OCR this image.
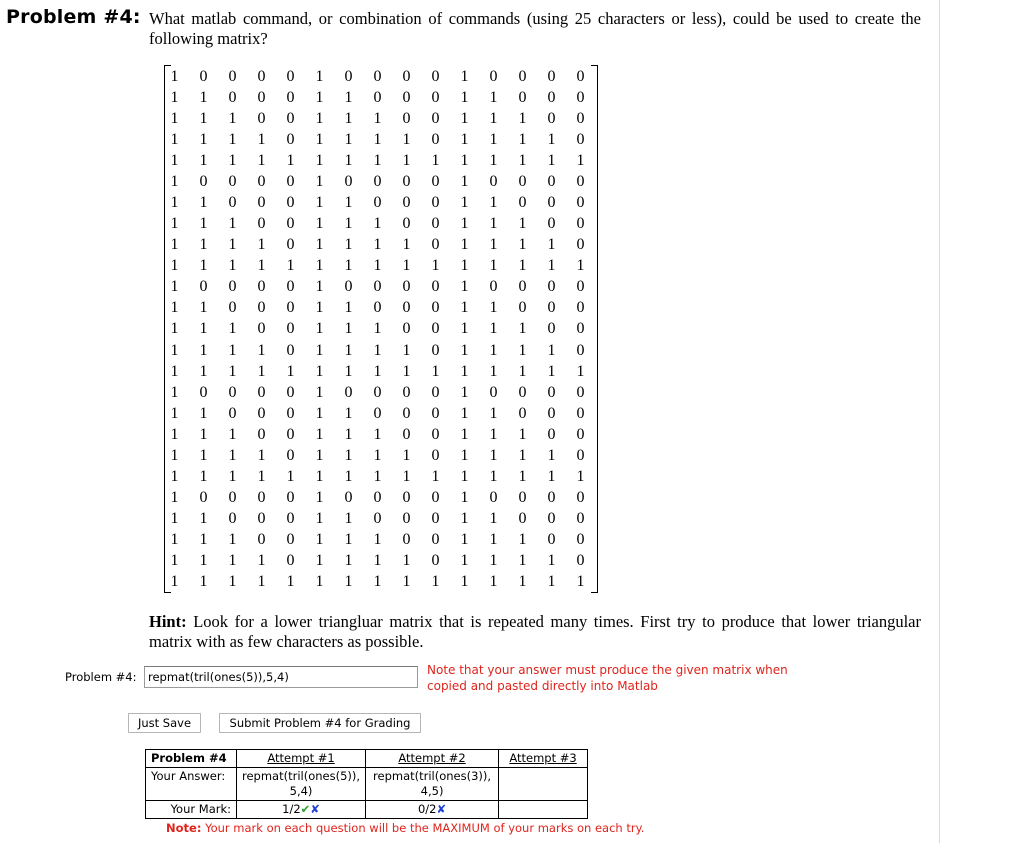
Problem #4: What matlab command, or combination of commands (using 25 characters or less), could be used to create the following matrix?
1	0	0	0	0	1	0	0	0	0	1	0	0	0	0
1	1	0	0	0	1	1	0	0	0	1	1	0	0	0
1	1	1	0	0	1	1	1	0	0	1	1	1	0	0
1	1	1	1	0	1	1	1	1	0	1	1	1	1	0
1	1	1	1	1	1	1	1	1	1	1	1	1	1	1
1	0	0	0	0	1	0	0	0	0	1	0	0	0	0
1	1	0	0	0	1	1	0	0	0	1	1	0	0	0
1	1	1	0	0	1	1	1	0	0	1	1	1	0	0
1	1	1	1	0	1	1	1	1	0	1	1	1	1	0
1	1	1	1	1	1	1	1	1	1	1	1	1	1	1
1	0	0	0	0	1	0	0	0	0	1	0	0	0	0
1	1	0	0	0	1	1	0	0	0	1	1	0	0	0
1	1	1	0	0	1	1	1	0	0	1	1	1	0	0
1	1	1	1	0	1	1	1	1	0	1	1	1	1	0
1	1	1	1	1	1	1	1	1	1	1	1	1	1	1
1	0	0	0	0	1	0	0	0	0	1	0	0	0	0
1	1	0	0	0	1	1	0	0	0	1	1	0	0	0
1	1	1	0	0	1	1	1	0	0	1	1	1	0	0
1	1	1	1	0	1	1	1	1	0	1	1	1	1	0
1	1	1	1	1	1	1	1	1	1	1	1	1	1	1
1	0	0	0	0	1	0	0	0	0	1	0	0	0	0
1	1	0	0	0	1	1	0	0	0	1	1	0	0	0
1	1	1	0	0	1	1	1	0	0	1	1	1	0	0
1	1	1	1	0	1	1	1	1	0	1	1	1	1	0
1	1	1	1	1	1	1	1	1	1	1	1	1	1	1
Hint: Look for a lower triangluar matrix that is repeated many times. First try to produce that lower triangular matrix with as few characters as possible.
Problem #4:
repmat(tril(ones(5)),5,4)	Note that your answer must produce the given matrix when copied and pasted directly into Matlab
Just Save	Submit Problem #4 for Grading
Problem #4	Attempt #1	Attempt #2	Attempt #3
Your Answer:	repmat(tril(ones(5)), 5,4)	repmat(tril(ones(3)), 4,5)	
Your Mark:	1/2✔✘	0/2✘	
Note: Your mark on each question will be the MAXIMUM of your marks on each try.
